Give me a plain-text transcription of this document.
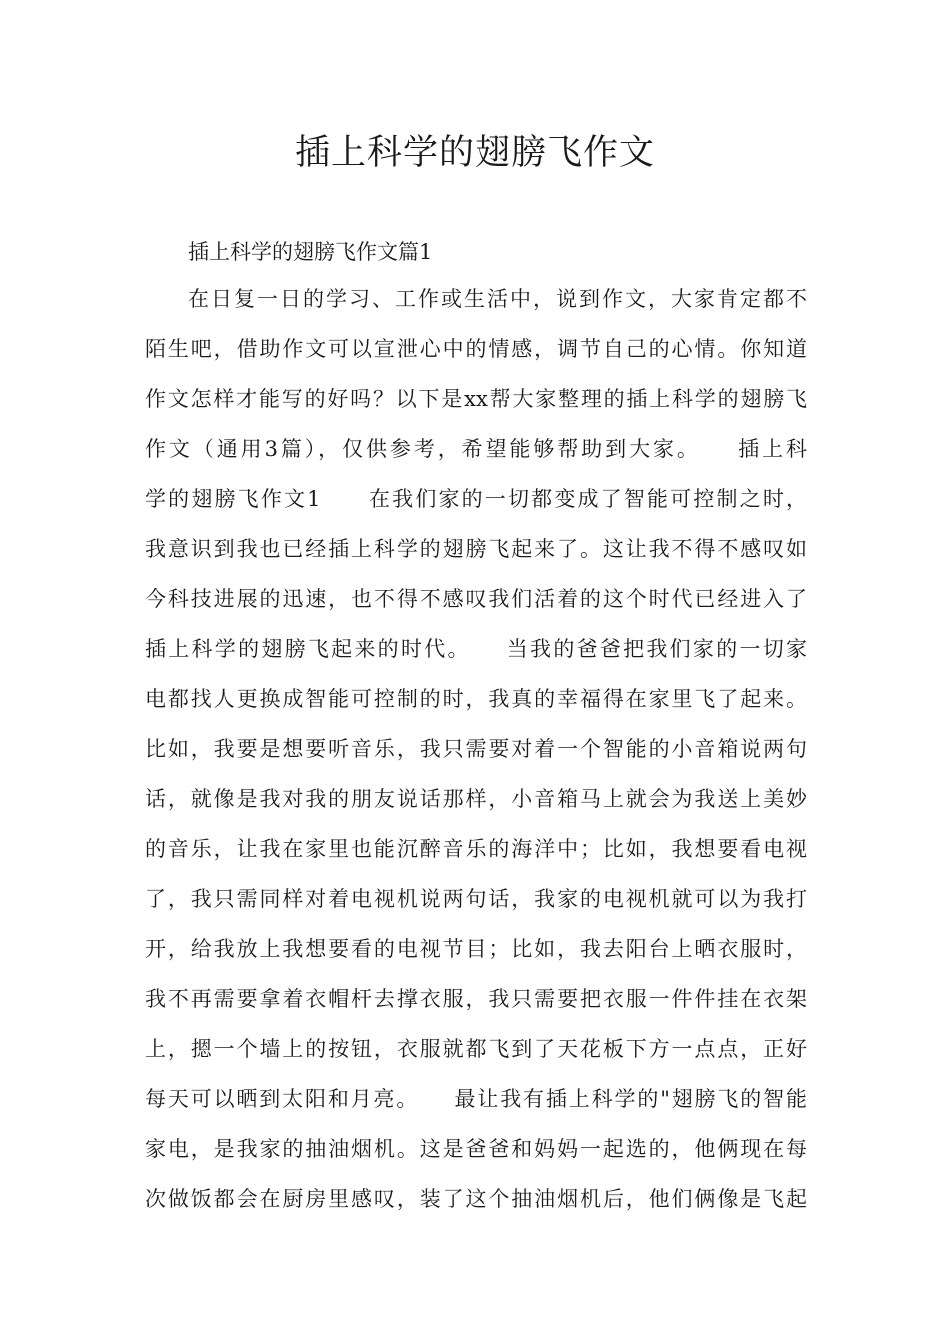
插上科学的翅膀飞作文

插上科学的翅膀飞作文篇1

在日复一日的学习、工作或生活中，说到作文，大家肯定都不
陌生吧，借助作文可以宣泄心中的情感，调节自己的心情。你知道
作文怎样才能写的好吗？以下是xx帮大家整理的插上科学的翅膀飞
作文（通用3篇），仅供参考，希望能够帮助到大家。　　插上科
学的翅膀飞作文1　　在我们家的一切都变成了智能可控制之时，
我意识到我也已经插上科学的翅膀飞起来了。这让我不得不感叹如
今科技进展的迅速，也不得不感叹我们活着的这个时代已经进入了
插上科学的翅膀飞起来的时代。　　当我的爸爸把我们家的一切家
电都找人更换成智能可控制的时，我真的幸福得在家里飞了起来。
比如，我要是想要听音乐，我只需要对着一个智能的小音箱说两句
话，就像是我对我的朋友说话那样，小音箱马上就会为我送上美妙
的音乐，让我在家里也能沉醉音乐的海洋中；比如，我想要看电视
了，我只需同样对着电视机说两句话，我家的电视机就可以为我打
开，给我放上我想要看的电视节目；比如，我去阳台上晒衣服时，
我不再需要拿着衣帽杆去撑衣服，我只需要把衣服一件件挂在衣架
上，摁一个墙上的按钮，衣服就都飞到了天花板下方一点点，正好
每天可以晒到太阳和月亮。　　最让我有插上科学的"翅膀飞的智能
家电，是我家的抽油烟机。这是爸爸和妈妈一起选的，他俩现在每
次做饭都会在厨房里感叹，装了这个抽油烟机后，他们俩像是飞起
